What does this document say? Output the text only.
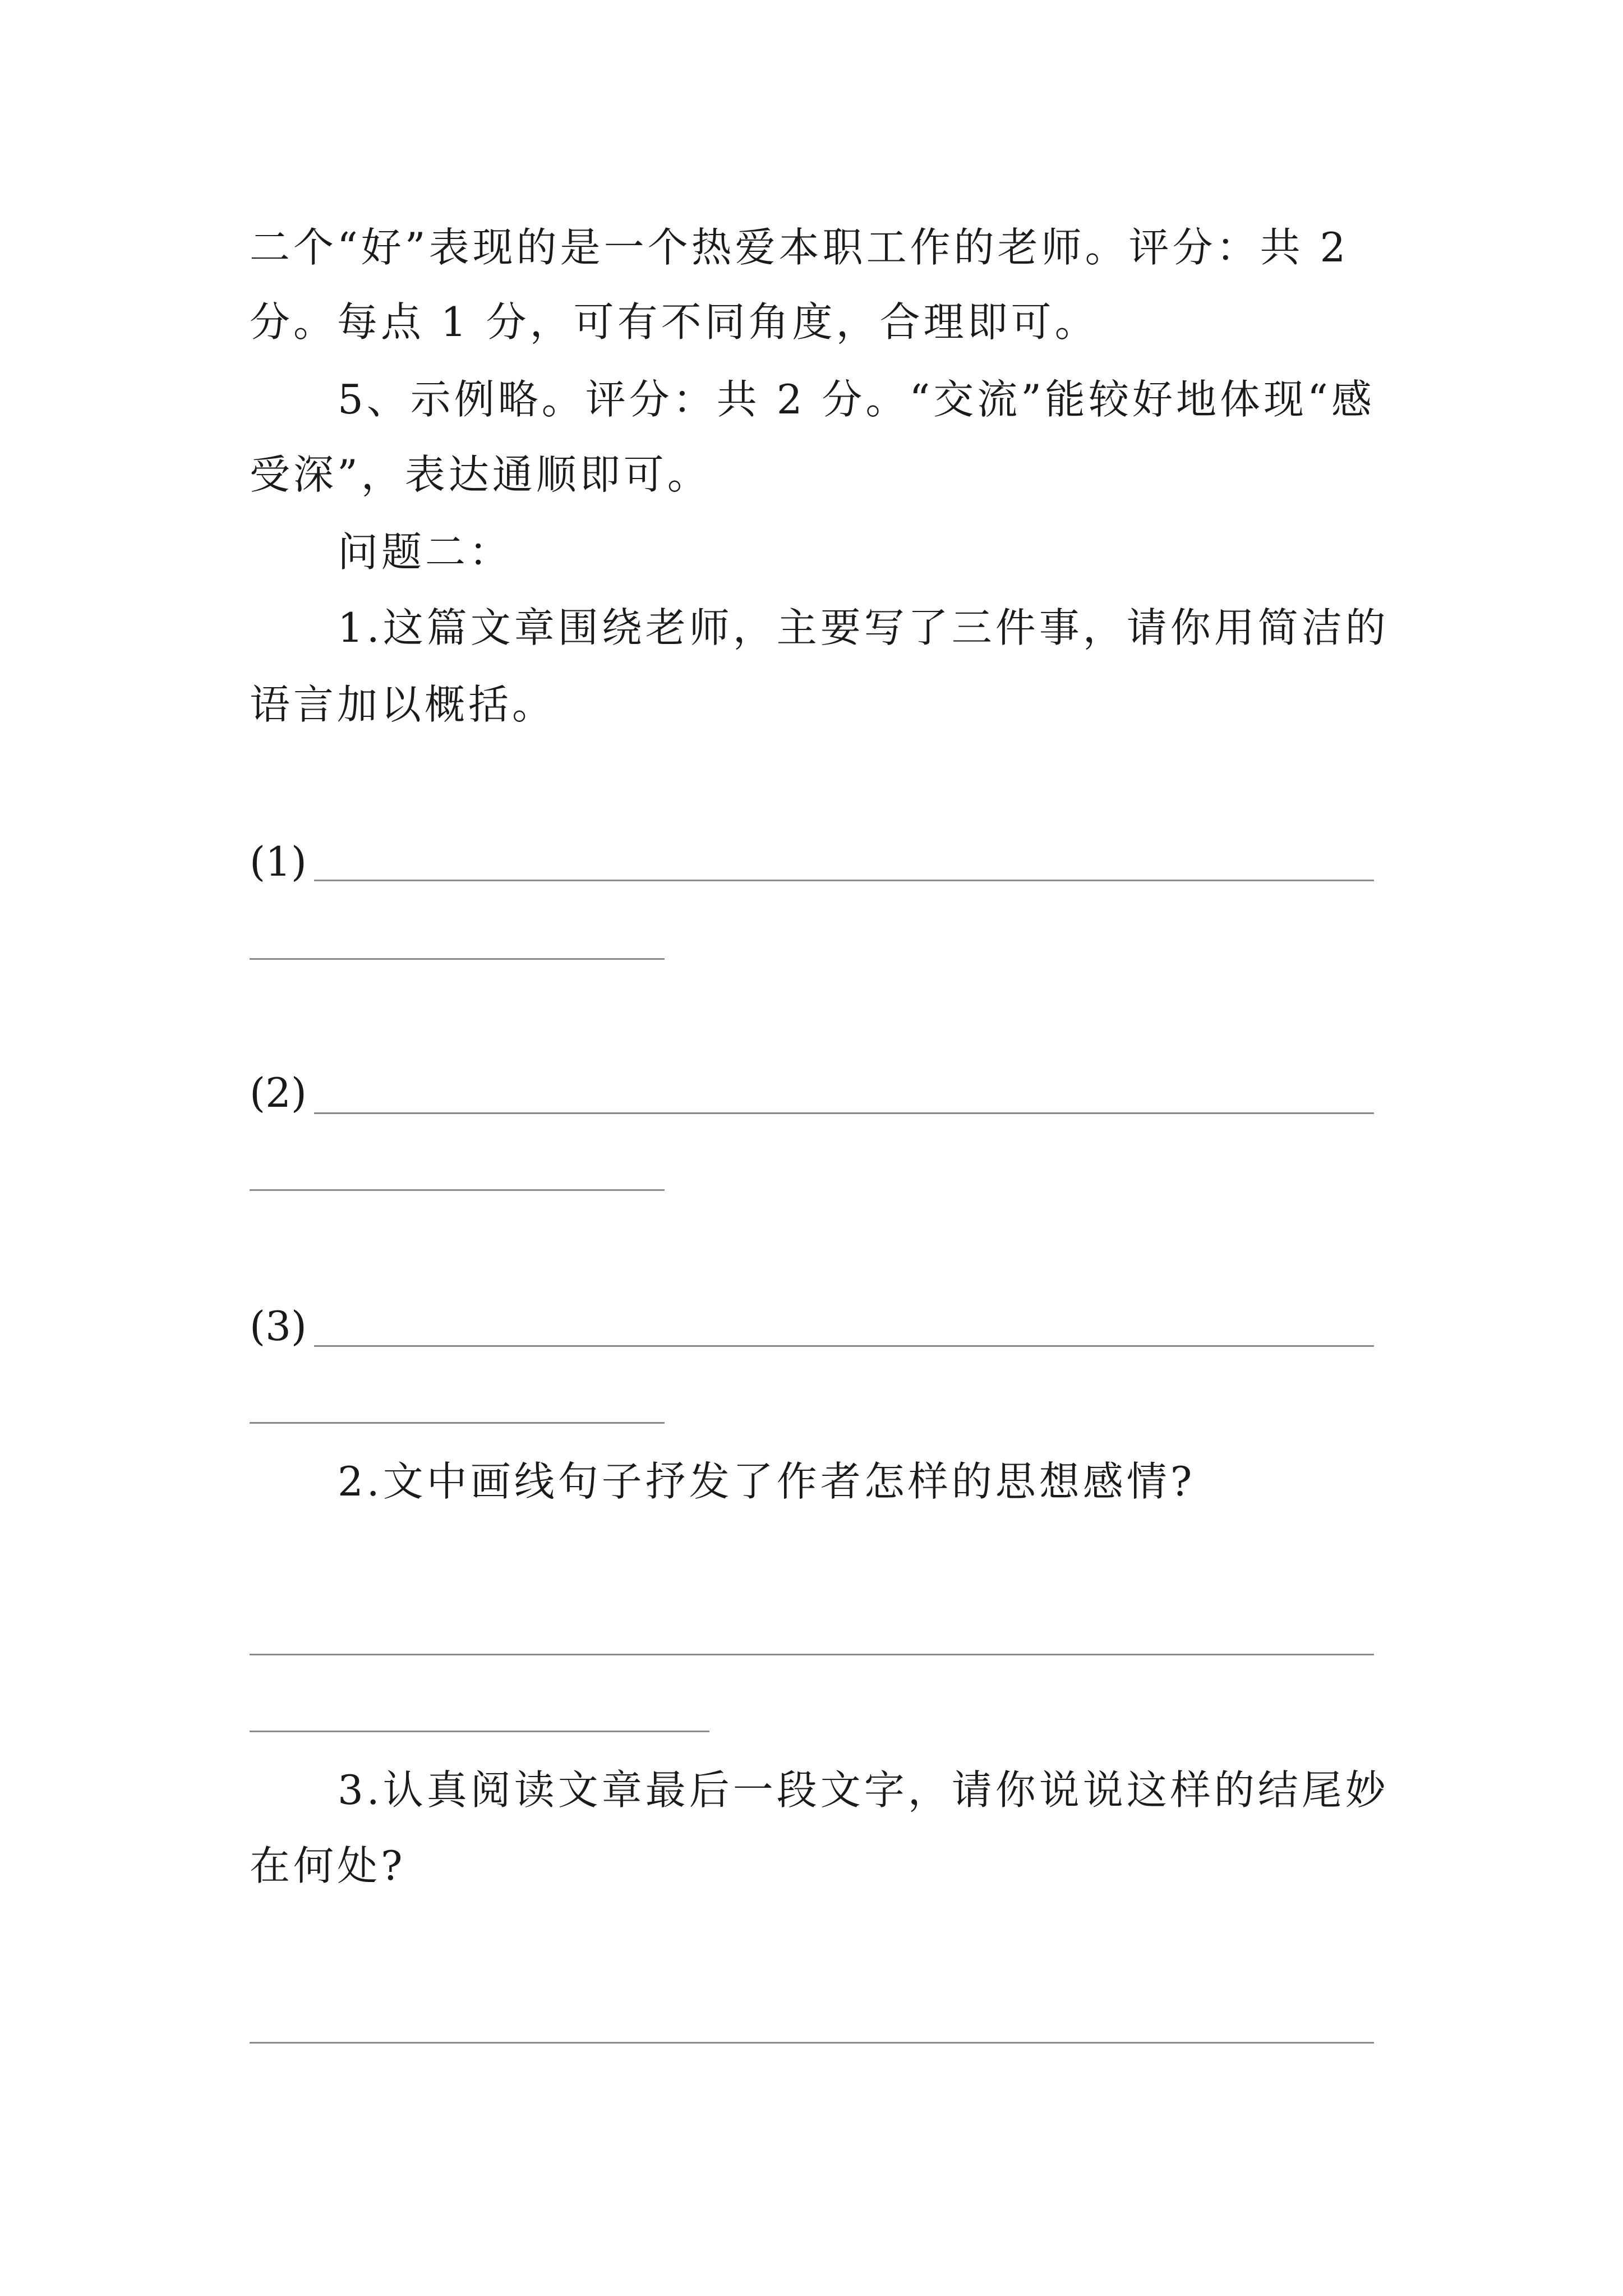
二个“好”表现的是一个热爱本职工作的老师。评分：共 2
分。每点 1 分，可有不同角度，合理即可。
5、示例略。评分：共 2 分。“交流”能较好地体现“感
受深”，表达通顺即可。
问题二：
1.这篇文章围绕老师，主要写了三件事，请你用简洁的
语言加以概括。
(1)
(2)
(3)
2.文中画线句子抒发了作者怎样的思想感情?
3.认真阅读文章最后一段文字，请你说说这样的结尾妙
在何处?
